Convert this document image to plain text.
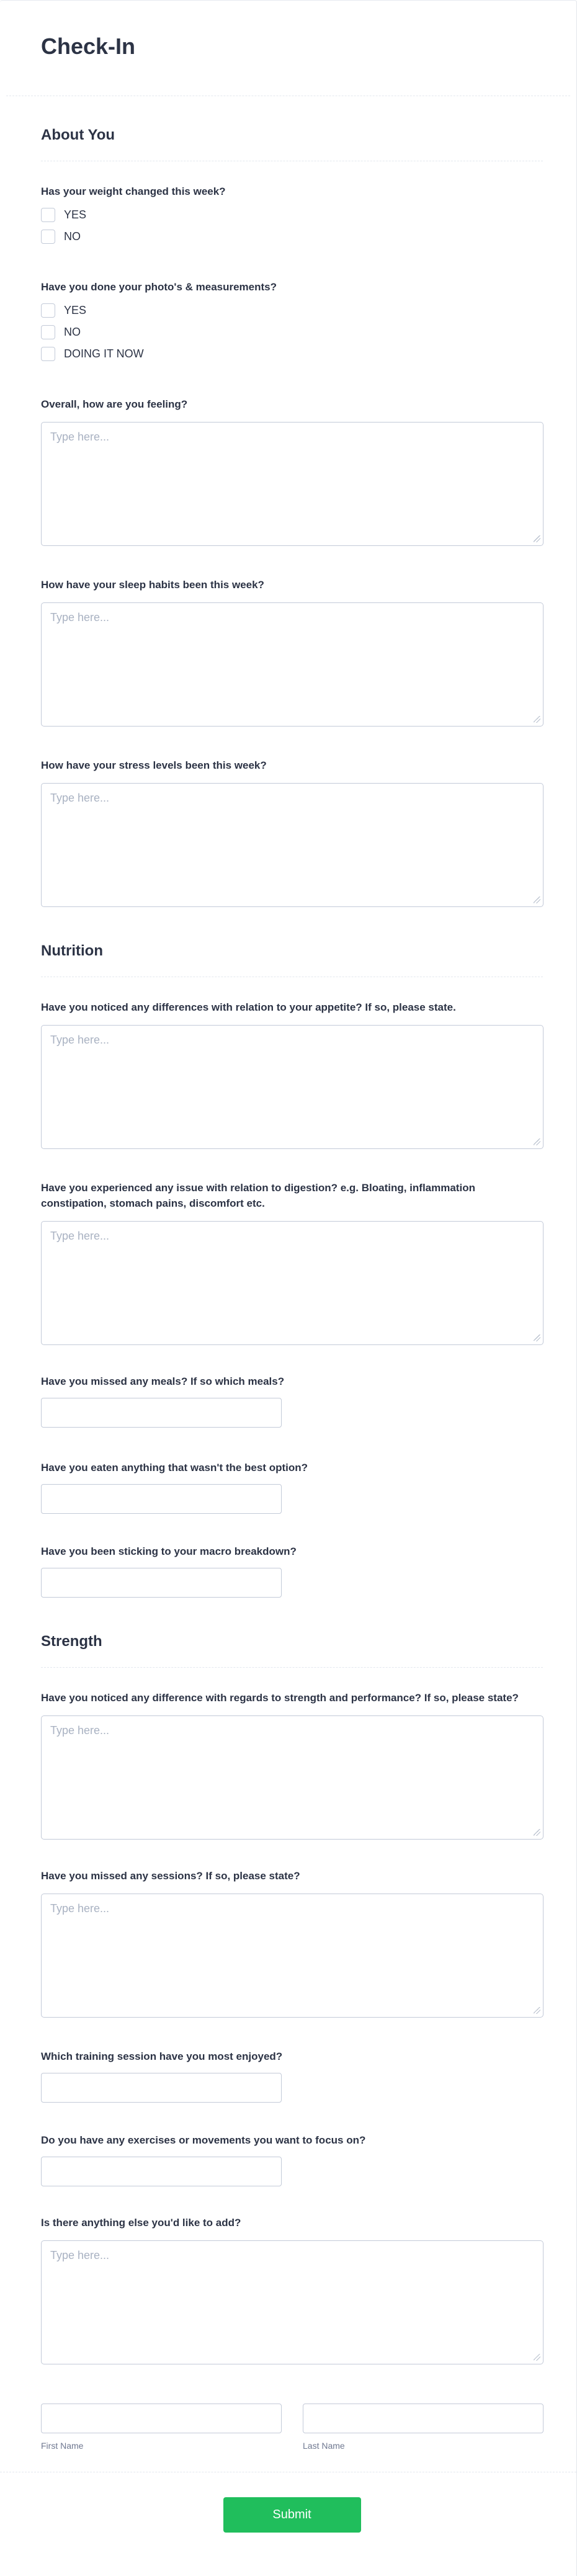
Check-In
About You
Has your weight changed this week?
YES
NO
Have you done your photo's & measurements?
YES
NO
DOING IT NOW
Overall, how are you feeling?
Type here...
How have your sleep habits been this week?
Type here...
How have your stress levels been this week?
Type here...
Nutrition
Have you noticed any differences with relation to your appetite? If so, please state.
Type here...
Have you experienced any issue with relation to digestion? e.g. Bloating, inflammation constipation, stomach pains, discomfort etc.
Type here...
Have you missed any meals? If so which meals?
Have you eaten anything that wasn't the best option?
Have you been sticking to your macro breakdown?
Strength
Have you noticed any difference with regards to strength and performance? If so, please state?
Type here...
Have you missed any sessions? If so, please state?
Type here...
Which training session have you most enjoyed?
Do you have any exercises or movements you want to focus on?
Is there anything else you'd like to add?
Type here...
First Name	Last Name
Submit
